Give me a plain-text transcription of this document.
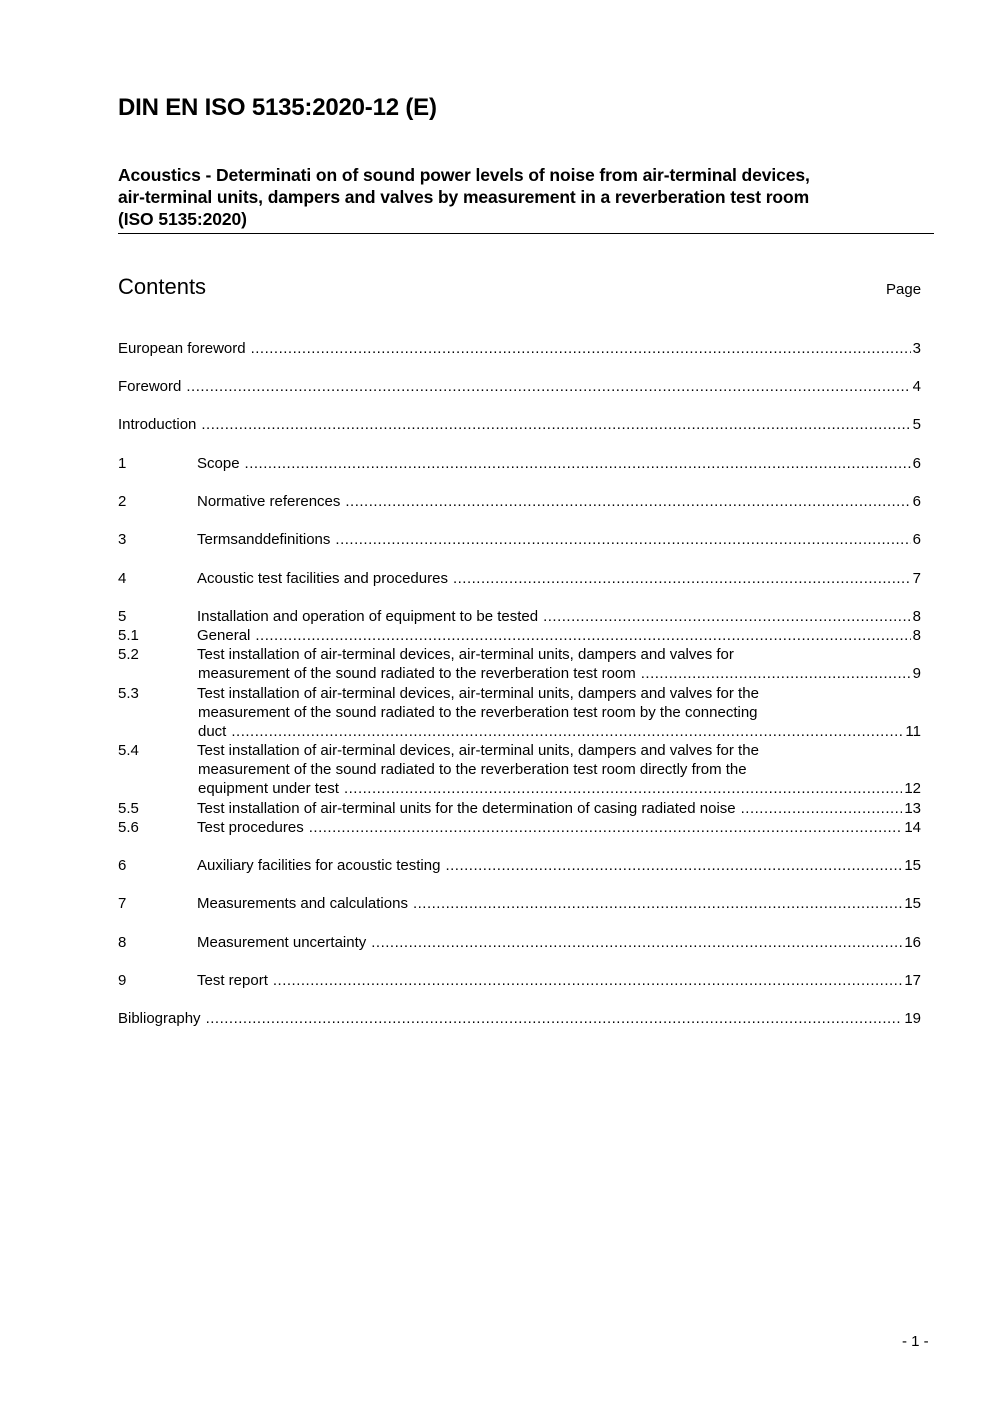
DIN EN ISO 5135:2020-12 (E)
Acoustics - Determinati on of sound power levels of noise from air-terminal devices,
air-terminal units, dampers and valves by measurement in a reverberation test room
(ISO 5135:2020)
Contents	Page
European foreword .....	3
Foreword .....	4
Introduction .....	5
1	Scope .....	6
2	Normative references .....	6
3	Termsanddefinitions .....	6
4	Acoustic test facilities and procedures .....	7
5	Installation and operation of equipment to be tested .....	8
5.1	General .....	8
5.2	Test installation of air-terminal devices, air-terminal units, dampers and valves for
measurement of the sound radiated to the reverberation test room .....	9
5.3	Test installation of air-terminal devices, air-terminal units, dampers and valves for the
measurement of the sound radiated to the reverberation test room by the connecting
duct .....	11
5.4	Test installation of air-terminal devices, air-terminal units, dampers and valves for the
measurement of the sound radiated to the reverberation test room directly from the
equipment under test .....	12
5.5	Test installation of air-terminal units for the determination of casing radiated noise .....	13
5.6	Test procedures .....	14
6	Auxiliary facilities for acoustic testing .....	15
7	Measurements and calculations .....	15
8	Measurement uncertainty .....	16
9	Test report .....	17
Bibliography .....	19
- 1 -
